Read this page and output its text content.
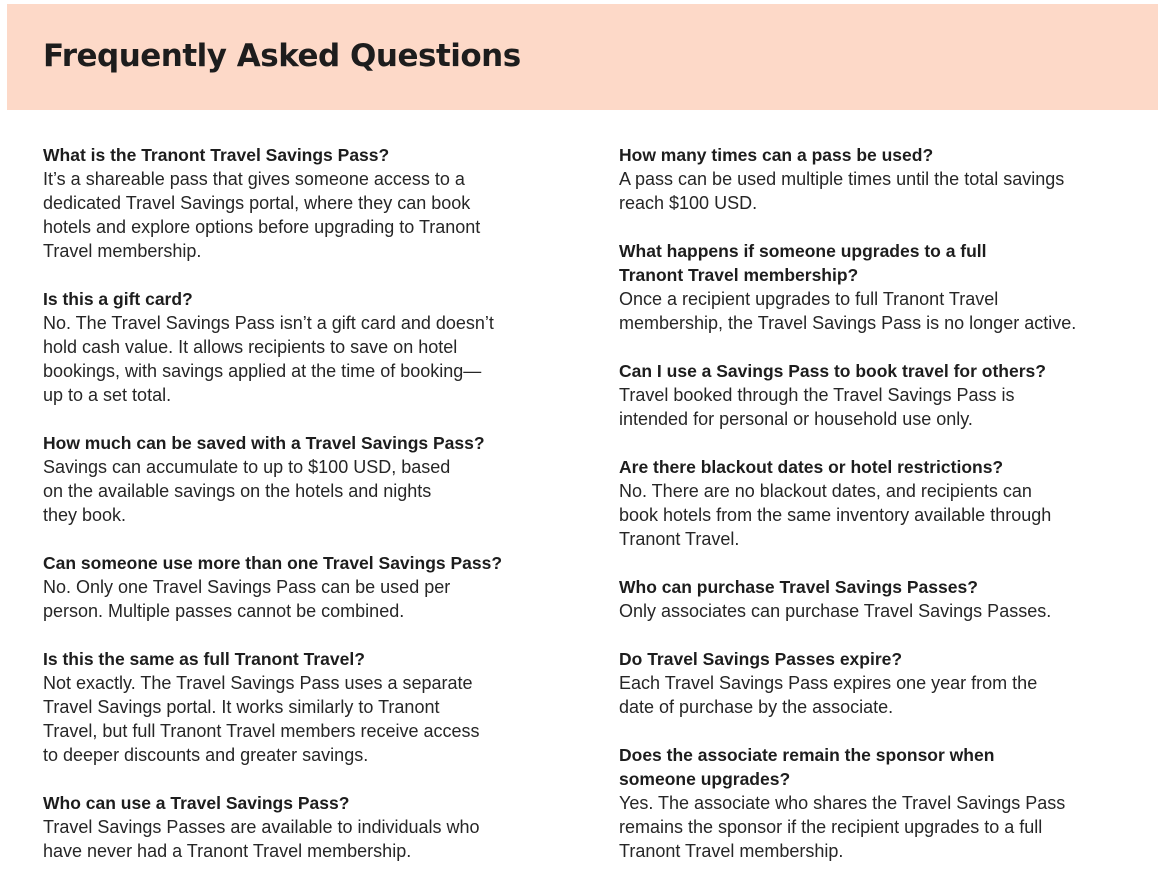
Frequently Asked Questions
What is the Tranont Travel Savings Pass?
It’s a shareable pass that gives someone access to a
dedicated Travel Savings portal, where they can book
hotels and explore options before upgrading to Tranont
Travel membership.
Is this a gift card?
No. The Travel Savings Pass isn’t a gift card and doesn’t
hold cash value. It allows recipients to save on hotel
bookings, with savings applied at the time of booking—
up to a set total.
How much can be saved with a Travel Savings Pass?
Savings can accumulate to up to $100 USD, based
on the available savings on the hotels and nights
they book.
Can someone use more than one Travel Savings Pass?
No. Only one Travel Savings Pass can be used per
person. Multiple passes cannot be combined.
Is this the same as full Tranont Travel?
Not exactly. The Travel Savings Pass uses a separate
Travel Savings portal. It works similarly to Tranont
Travel, but full Tranont Travel members receive access
to deeper discounts and greater savings.
Who can use a Travel Savings Pass?
Travel Savings Passes are available to individuals who
have never had a Tranont Travel membership.
How many times can a pass be used?
A pass can be used multiple times until the total savings
reach $100 USD.
What happens if someone upgrades to a full
Tranont Travel membership?
Once a recipient upgrades to full Tranont Travel
membership, the Travel Savings Pass is no longer active.
Can I use a Savings Pass to book travel for others?
Travel booked through the Travel Savings Pass is
intended for personal or household use only.
Are there blackout dates or hotel restrictions?
No. There are no blackout dates, and recipients can
book hotels from the same inventory available through
Tranont Travel.
Who can purchase Travel Savings Passes?
Only associates can purchase Travel Savings Passes.
Do Travel Savings Passes expire?
Each Travel Savings Pass expires one year from the
date of purchase by the associate.
Does the associate remain the sponsor when
someone upgrades?
Yes. The associate who shares the Travel Savings Pass
remains the sponsor if the recipient upgrades to a full
Tranont Travel membership.
